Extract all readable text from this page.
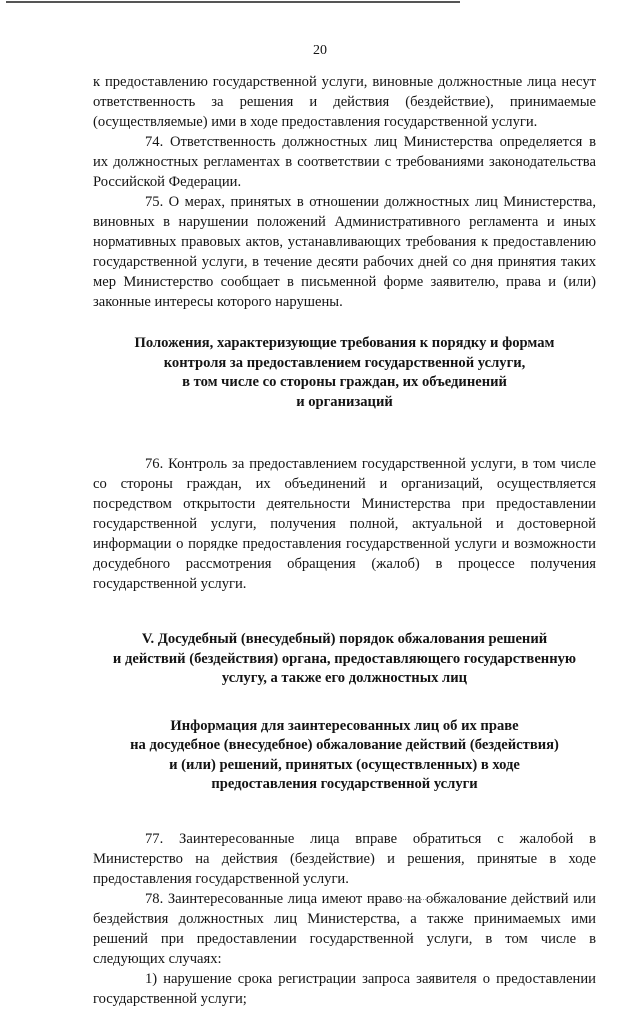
20

к предоставлению государственной услуги, виновные должностные лица несут ответственность за решения и действия (бездействие), принимаемые (осуществляемые) ими в ходе предоставления государственной услуги.

74. Ответственность должностных лиц Министерства определяется в их должностных регламентах в соответствии с требованиями законодательства Российской Федерации.

75. О мерах, принятых в отношении должностных лиц Министерства, виновных в нарушении положений Административного регламента и иных нормативных правовых актов, устанавливающих требования к предоставлению государственной услуги, в течение десяти рабочих дней со дня принятия таких мер Министерство сообщает в письменной форме заявителю, права и (или) законные интересы которого нарушены.

Положения, характеризующие требования к порядку и формам
контроля за предоставлением государственной услуги,
в том числе со стороны граждан, их объединений
и организаций

76. Контроль за предоставлением государственной услуги, в том числе со стороны граждан, их объединений и организаций, осуществляется посредством открытости деятельности Министерства при предоставлении государственной услуги, получения полной, актуальной и достоверной информации о порядке предоставления государственной услуги и возможности досудебного рассмотрения обращения (жалоб) в процессе получения государственной услуги.

V. Досудебный (внесудебный) порядок обжалования решений
и действий (бездействия) органа, предоставляющего государственную
услугу, а также его должностных лиц
Информация для заинтересованных лиц об их праве
на досудебное (внесудебное) обжалование действий (бездействия)
и (или) решений, принятых (осуществленных) в ходе
предоставления государственной услуги

77. Заинтересованные лица вправе обратиться с жалобой в Министерство на действия (бездействие) и решения, принятые в ходе предоставления государственной услуги.

78. Заинтересованные лица имеют право на обжалование действий или бездействия должностных лиц Министерства, а также принимаемых ими решений при предоставлении государственной услуги, в том числе в следующих случаях:

1) нарушение срока регистрации запроса заявителя о предоставлении государственной услуги;
